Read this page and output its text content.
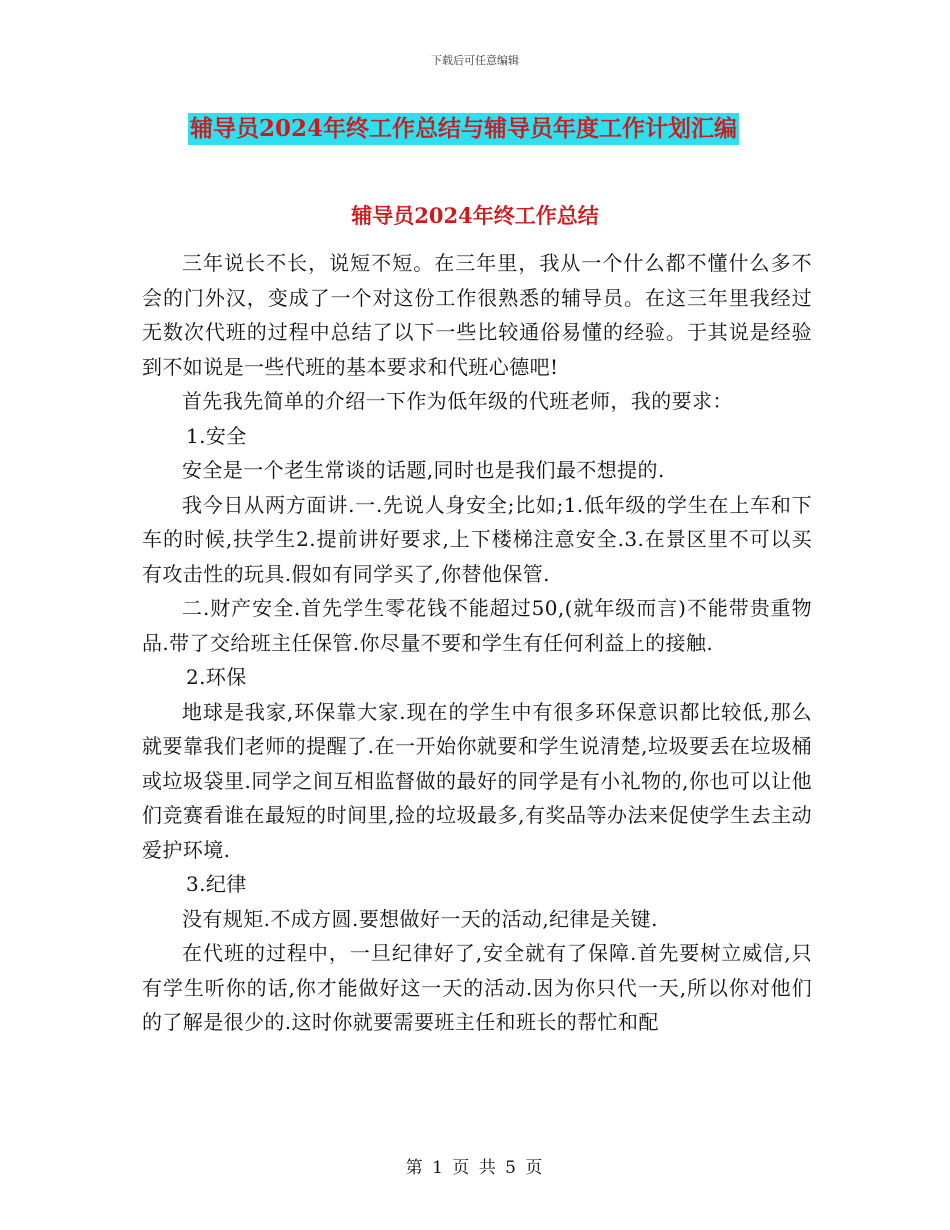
下载后可任意编辑
辅导员2024年终工作总结与辅导员年度工作计划汇编
辅导员2024年终工作总结

三年说长不长，说短不短。在三年里，我从一个什么都不懂什么多不会的门外汉，变成了一个对这份工作很熟悉的辅导员。在这三年里我经过无数次代班的过程中总结了以下一些比较通俗易懂的经验。于其说是经验到不如说是一些代班的基本要求和代班心德吧!

首先我先简单的介绍一下作为低年级的代班老师，我的要求：

1.安全

安全是一个老生常谈的话题,同时也是我们最不想提的.

我今日从两方面讲.一.先说人身安全;比如;1.低年级的学生在上车和下车的时候,扶学生2.提前讲好要求,上下楼梯注意安全.3.在景区里不可以买有攻击性的玩具.假如有同学买了,你替他保管.

二.财产安全.首先学生零花钱不能超过50,(就年级而言)不能带贵重物品.带了交给班主任保管.你尽量不要和学生有任何利益上的接触.

2.环保

地球是我家,环保靠大家.现在的学生中有很多环保意识都比较低,那么就要靠我们老师的提醒了.在一开始你就要和学生说清楚,垃圾要丢在垃圾桶或垃圾袋里.同学之间互相监督做的最好的同学是有小礼物的,你也可以让他们竞赛看谁在最短的时间里,捡的垃圾最多,有奖品等办法来促使学生去主动爱护环境.

3.纪律

没有规矩.不成方圆.要想做好一天的活动,纪律是关键.

在代班的过程中，一旦纪律好了,安全就有了保障.首先要树立威信,只有学生听你的话,你才能做好这一天的活动.因为你只代一天,所以你对他们的了解是很少的.这时你就要需要班主任和班长的帮忙和配

第 1 页 共 5 页
